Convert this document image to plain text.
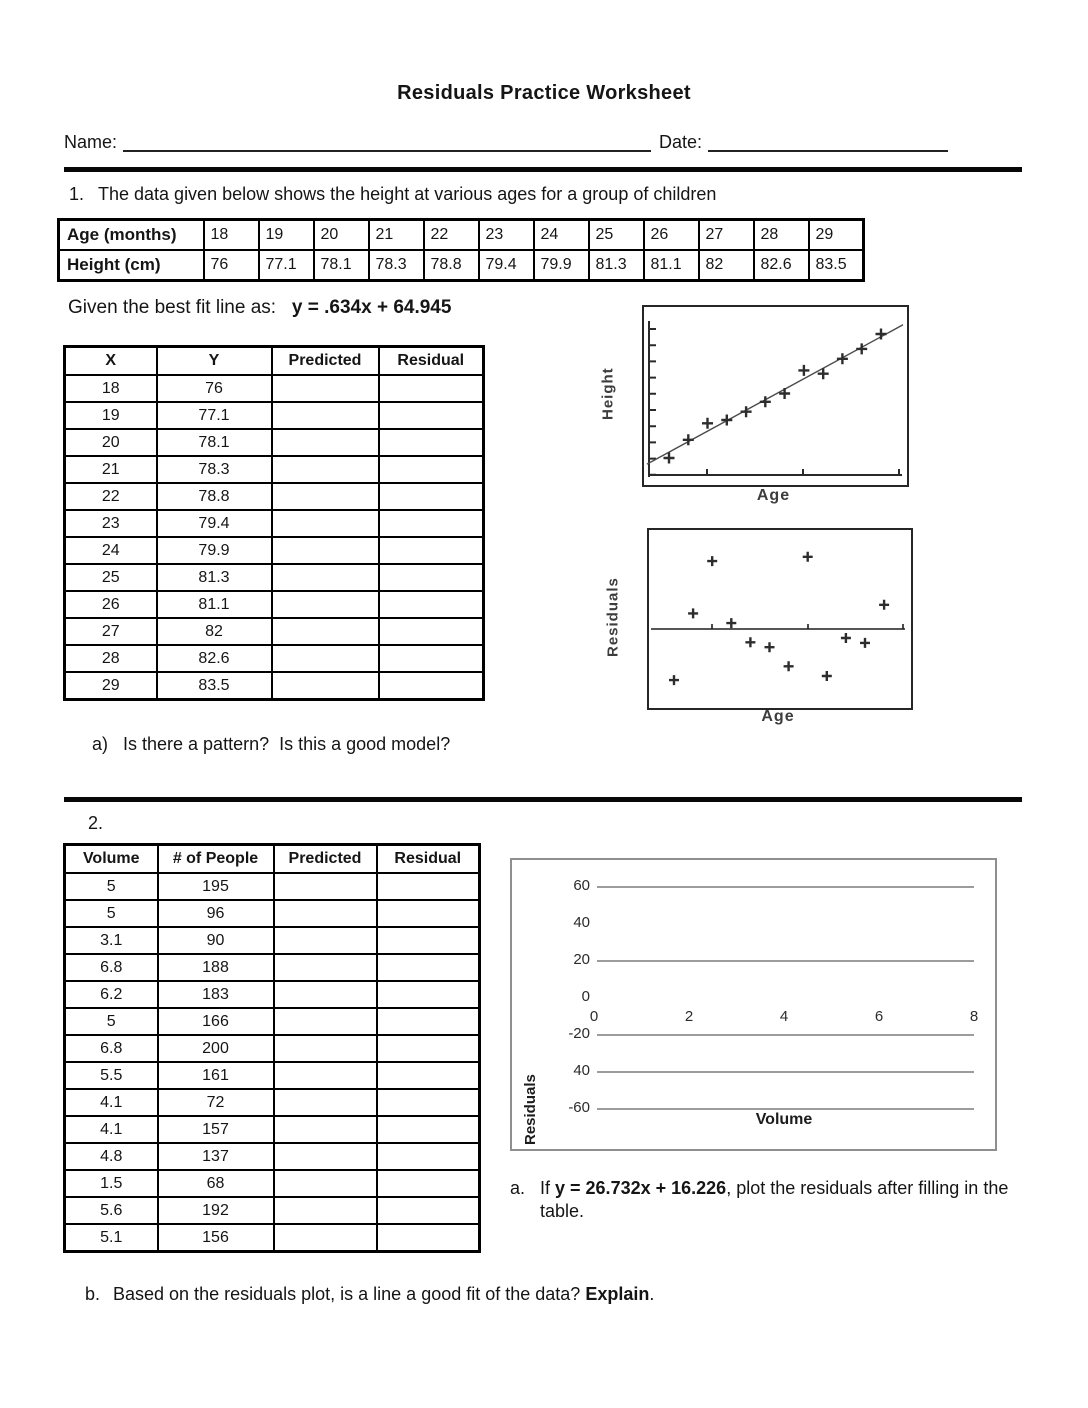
Residuals Practice Worksheet
Name:	Date:
1. The data given below shows the height at various ages for a group of children
Age (months)	18	19	20	21	22	23	24	25	26	27	28	29
Height (cm)	76	77.1	78.1	78.3	78.8	79.4	79.9	81.3	81.1	82	82.6	83.5
Given the best fit line as: y = .634x + 64.945
X	Y	Predicted	Residual
18	76		
19	77.1		
20	78.1		
21	78.3		
22	78.8		
23	79.4		
24	79.9		
25	81.3		
26	81.1		
27	82		
28	82.6		
29	83.5		
Height
Age
Residuals
Age
a) Is there a pattern?  Is this a good model?
2.
Volume	# of People	Predicted	Residual
5	195		
5	96		
3.1	90		
6.8	188		
6.2	183		
5	166		
6.8	200		
5.5	161		
4.1	72		
4.1	157		
4.8	137		
1.5	68		
5.6	192		
5.1	156		
Residuals	Volume
60
40
20
0
-20
40
-60
0	2	4	6	8
a. If y = 26.732x + 16.226, plot the residuals after filling in the table.
b. Based on the residuals plot, is a line a good fit of the data? Explain.
